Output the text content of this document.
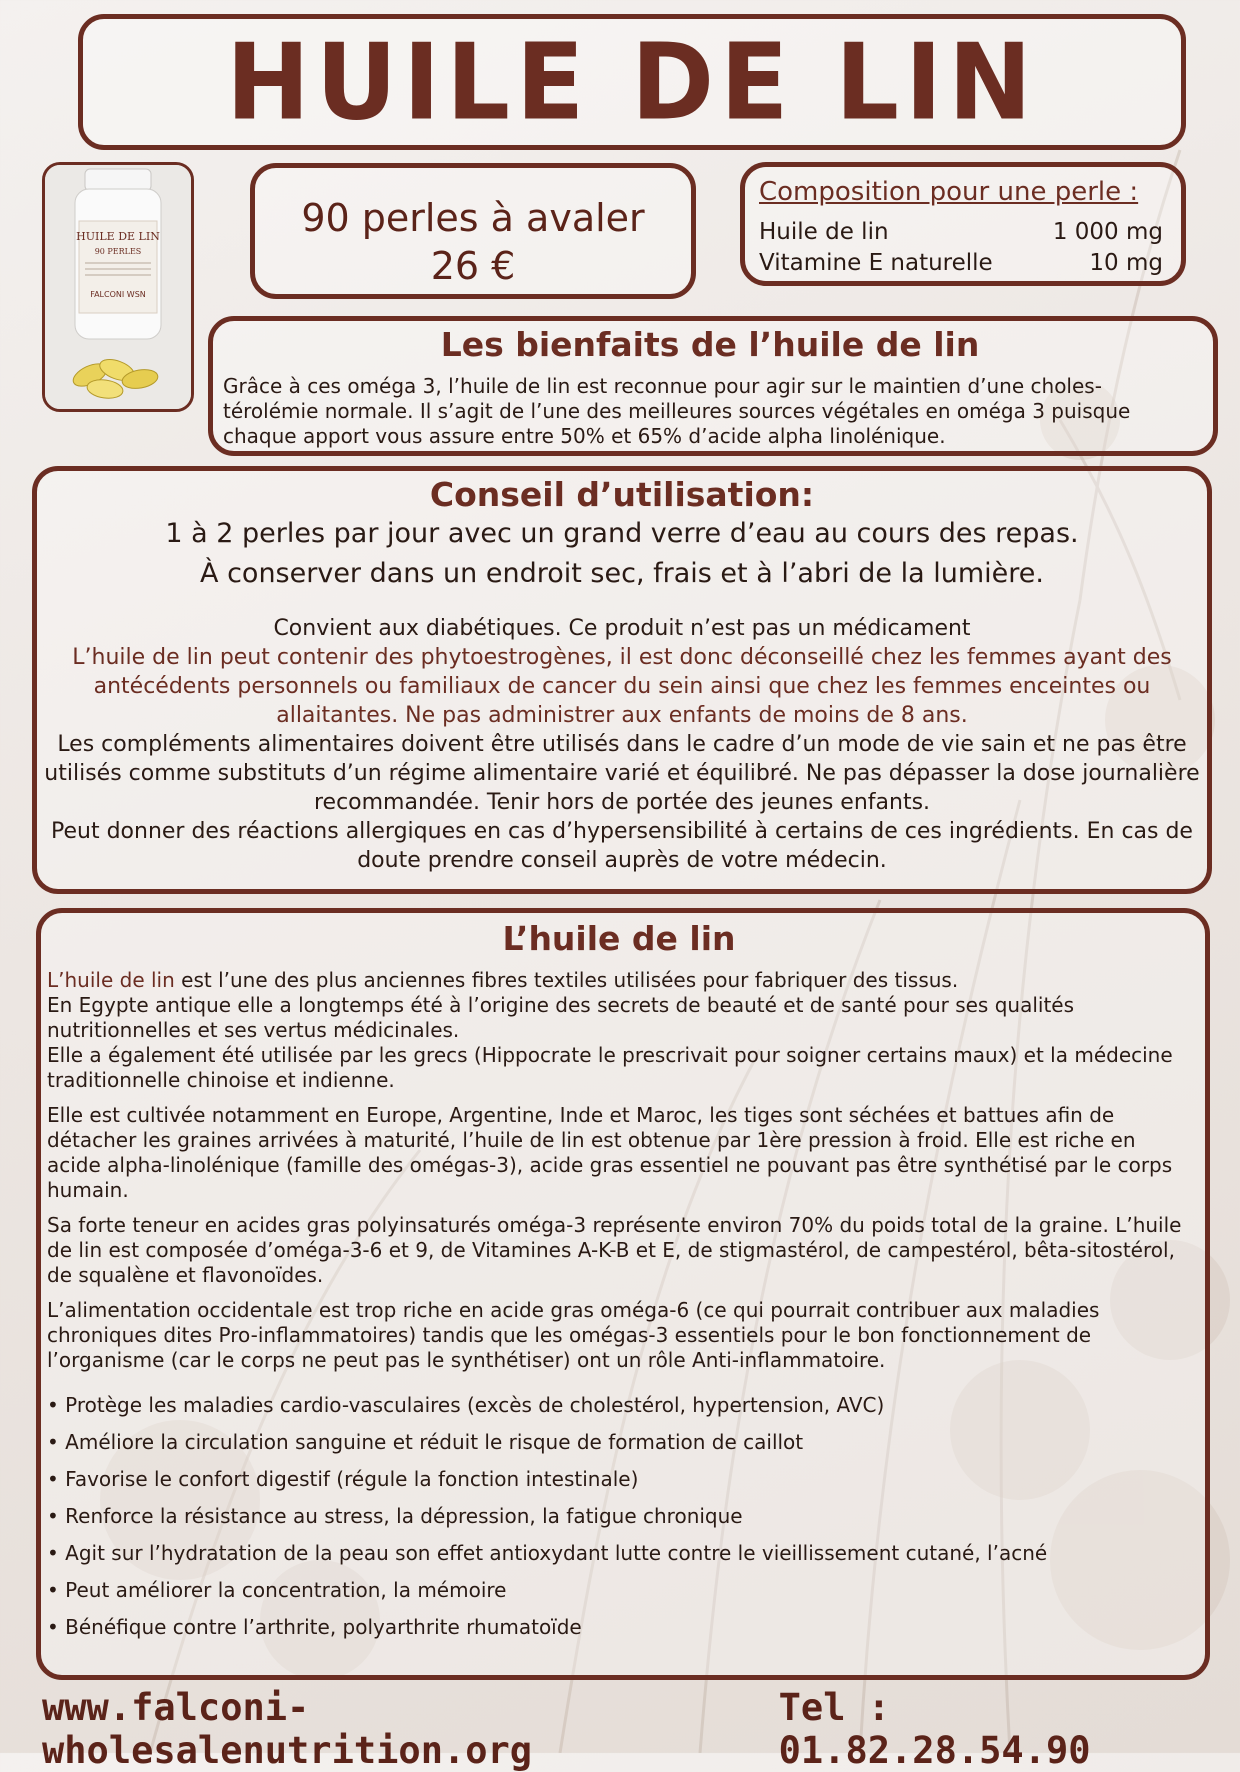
HUILE DE LIN
HUILE DE LIN
90 PERLES
FALCONI WSN
90 perles à avaler
26 €
Composition pour une perle :
Huile de lin	1 000 mg
Vitamine E naturelle	10 mg
Les bienfaits de l’huile de lin
Grâce à ces oméga 3, l’huile de lin est reconnue pour agir sur le maintien d’une choles-térolémie normale. Il s’agit de l’une des meilleures sources végétales en oméga 3 puisque chaque apport vous assure entre 50% et 65% d’acide alpha linolénique.
Conseil d’utilisation:
1 à 2 perles par jour avec un grand verre d’eau au cours des repas.
À conserver dans un endroit sec, frais et à l’abri de la lumière.
Convient aux diabétiques. Ce produit n’est pas un médicament
L’huile de lin peut contenir des phytoestrogènes, il est donc déconseillé chez les femmes ayant des antécédents personnels ou familiaux de cancer du sein ainsi que chez les femmes enceintes ou allaitantes. Ne pas administrer aux enfants de moins de 8 ans.
Les compléments alimentaires doivent être utilisés dans le cadre d’un mode de vie sain et ne pas être utilisés comme substituts d’un régime alimentaire varié et équilibré. Ne pas dépasser la dose journalière recommandée. Tenir hors de portée des jeunes enfants.
Peut donner des réactions allergiques en cas d’hypersensibilité à certains de ces ingrédients. En cas de doute prendre conseil auprès de votre médecin.
L’huile de lin
L’huile de lin est l’une des plus anciennes fibres textiles utilisées pour fabriquer des tissus.
En Egypte antique elle a longtemps été à l’origine des secrets de beauté et de santé pour ses qualités nutritionnelles et ses vertus médicinales.
Elle a également été utilisée par les grecs (Hippocrate le prescrivait pour soigner certains maux) et la médecine traditionnelle chinoise et indienne.
Elle est cultivée notamment en Europe, Argentine, Inde et Maroc, les tiges sont séchées et battues afin de détacher les graines arrivées à maturité, l’huile de lin est obtenue par 1ère pression à froid. Elle est riche en acide alpha-linolénique (famille des omégas-3), acide gras essentiel ne pouvant pas être synthétisé par le corps humain.
Sa forte teneur en acides gras polyinsaturés oméga-3 représente environ 70% du poids total de la graine. L’huile de lin est composée d’oméga-3-6 et 9, de Vitamines A-K-B et E, de stigmastérol, de campestérol, bêta-sitostérol, de squalène et flavonoïdes.
L’alimentation occidentale est trop riche en acide gras oméga-6 (ce qui pourrait contribuer aux maladies chroniques dites Pro-inflammatoires) tandis que les omégas-3 essentiels pour le bon fonctionnement de l’organisme (car le corps ne peut pas le synthétiser) ont un rôle Anti-inflammatoire.
• Protège les maladies cardio-vasculaires (excès de cholestérol, hypertension, AVC)
• Améliore la circulation sanguine et réduit le risque de formation de caillot
• Favorise le confort digestif (régule la fonction intestinale)
• Renforce la résistance au stress, la dépression, la fatigue chronique
• Agit sur l’hydratation de la peau son effet antioxydant lutte contre le vieillissement cutané, l’acné
• Peut améliorer la concentration, la mémoire
• Bénéfique contre l’arthrite, polyarthrite rhumatoïde
www.falconi-wholesalenutrition.org
Tel : 01.82.28.54.90
